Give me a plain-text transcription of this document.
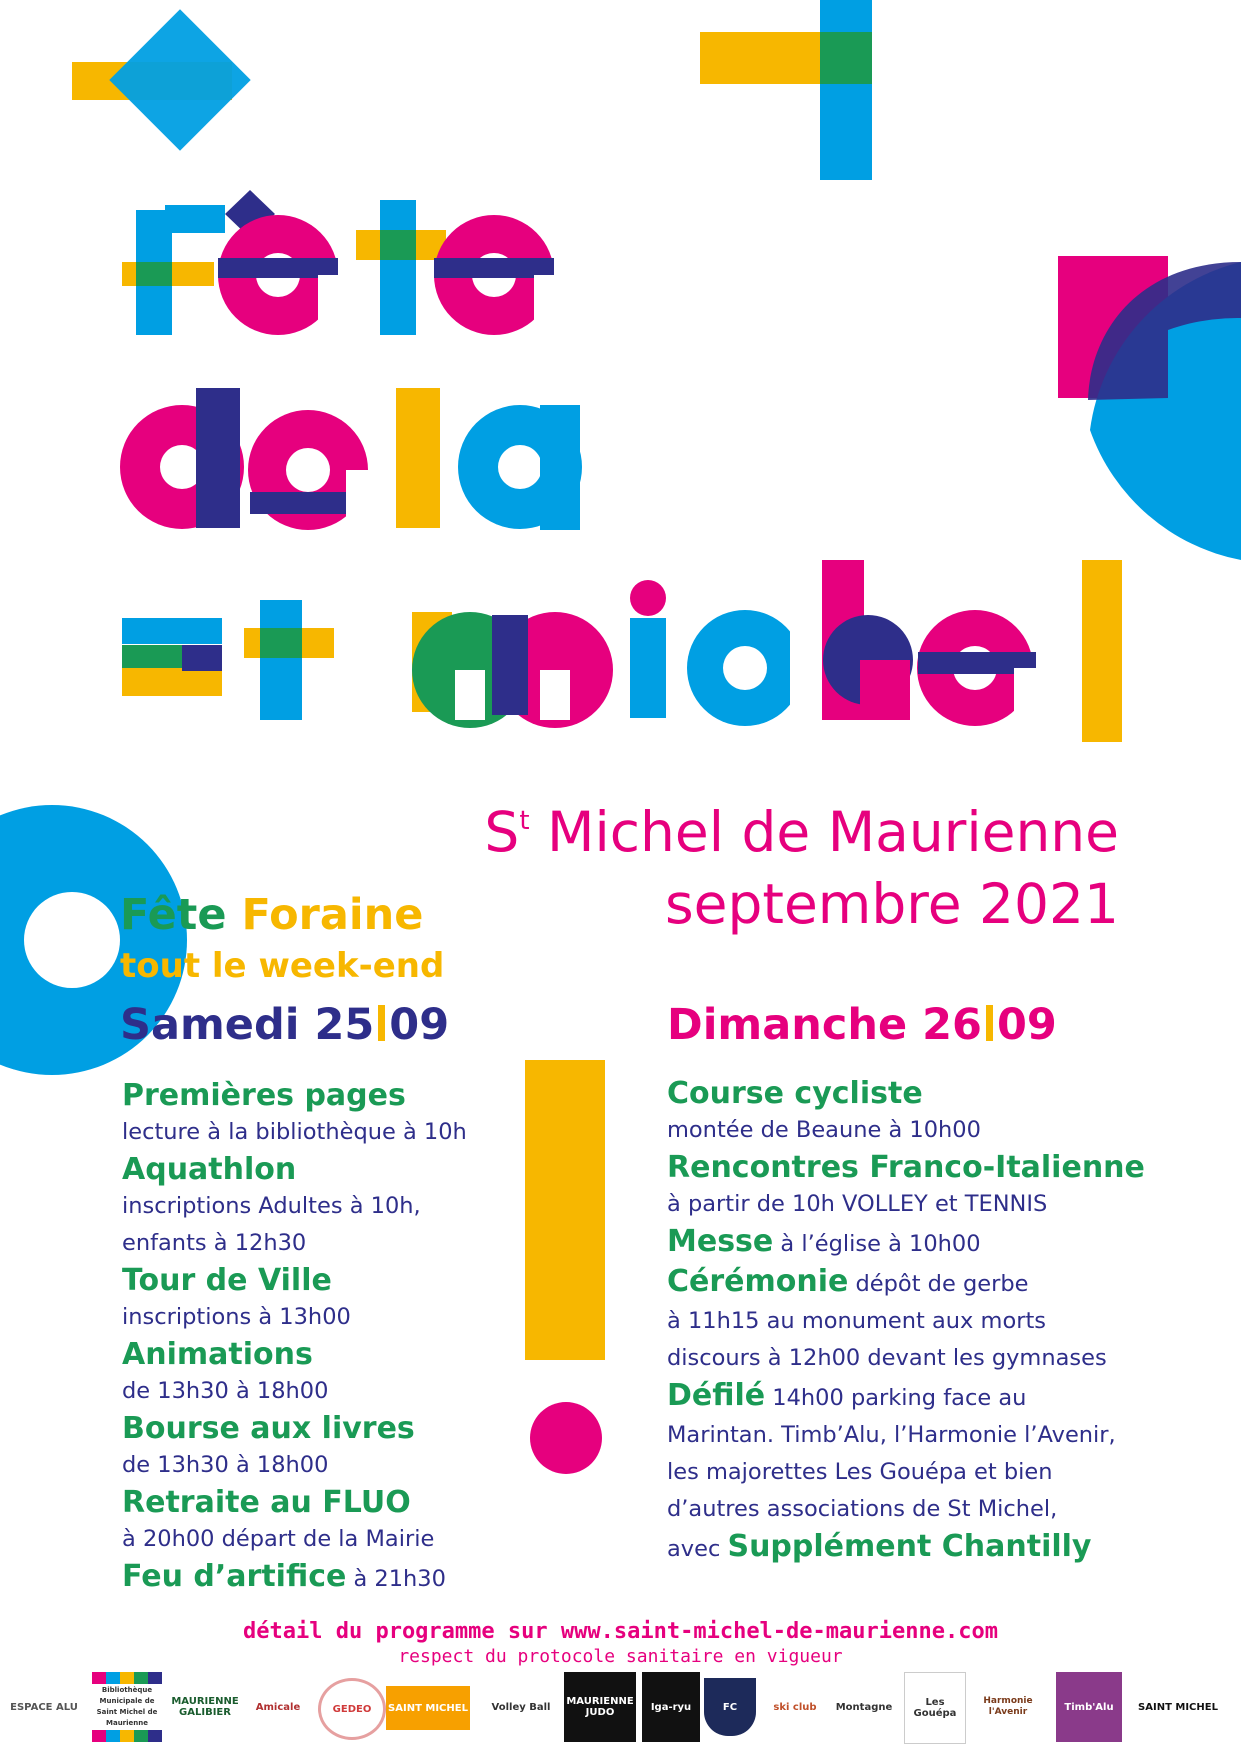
$S^t$ Michel de Maurienne
septembre 2021
Fête Foraine
tout le week-end
Samedi 25 09	Dimanche 26 09
Premières pages
lecture à la bibliothèque à 10h
Aquathlon
inscriptions Adultes à 10h,
enfants à 12h30
Tour de Ville
inscriptions à 13h00
Animations
de 13h30 à 18h00
Bourse aux livres
de 13h30 à 18h00
Retraite au FLUO
à 20h00 départ de la Mairie
Feu d’artifice à 21h30
Course cycliste
montée de Beaune à 10h00
Rencontres Franco-Italienne
à partir de 10h VOLLEY et TENNIS
Messe à l’église à 10h00
Cérémonie dépôt de gerbe
à 11h15 au monument aux morts
discours à 12h00 devant les gymnases
Défilé 14h00 parking face au
Marintan. Timb’Alu, l’Harmonie l’Avenir,
les majorettes Les Gouépa et bien
d’autres associations de St Michel,
avec Supplément Chantilly
détail du programme sur www.saint-michel-de-maurienne.com
respect du protocole sanitaire en vigueur
ESPACE ALU
Bibliothèque Municipale de Saint Michel de Maurienne
MAURIENNE GALIBIER	Amicale	GEDEO SAINT MICHEL Volley Ball MAURIENNE JUDO	Iga-ryu	FC	ski club Montagne	Les Gouépa
Harmonie l'Avenir	Timb'Alu SAINT MICHEL
